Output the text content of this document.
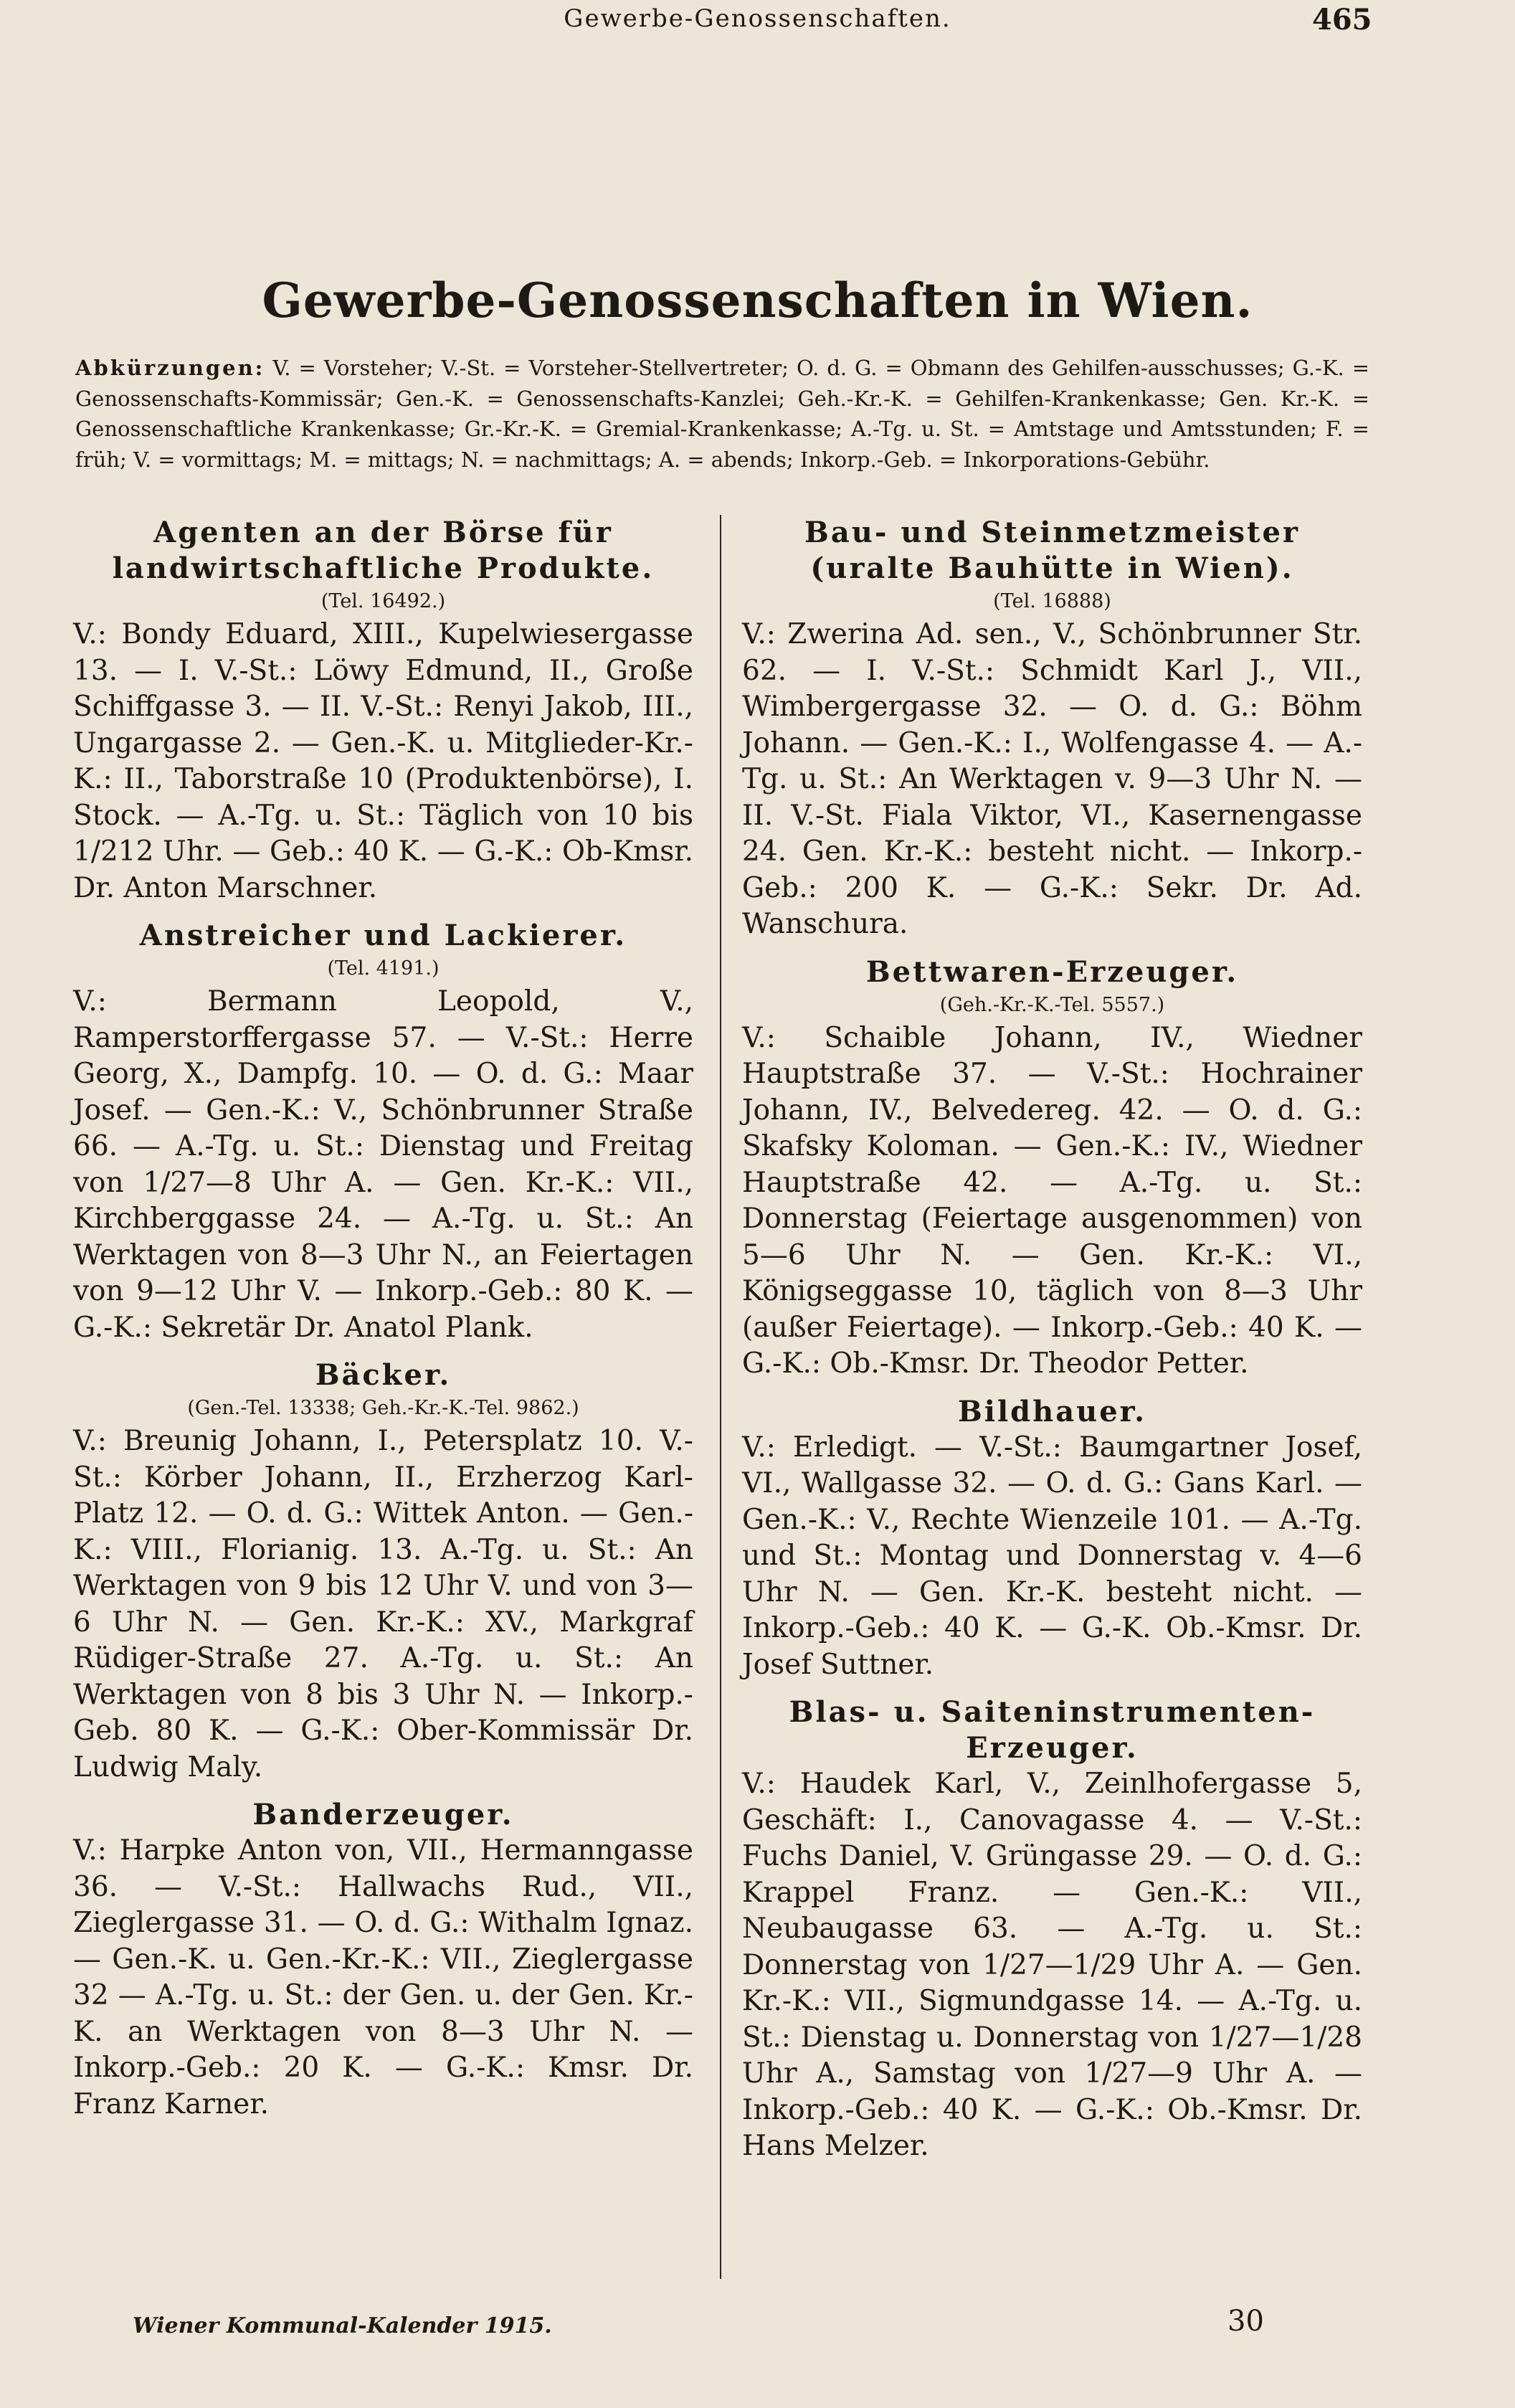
Gewerbe-Genossenschaften.	465
Gewerbe-Genossenschaften in Wien.

Abkürzungen: V. = Vorsteher; V.-St. = Vorsteher-Stellvertreter; O. d. G. = Obmann des Gehilfen-ausschusses; G.-K. = Genossenschafts-Kommissär; Gen.-K. = Genossenschafts-Kanzlei; Geh.-Kr.-K. = Gehilfen-Krankenkasse; Gen. Kr.-K. = Genossenschaftliche Krankenkasse; Gr.-Kr.-K. = Gremial-Krankenkasse; A.-Tg. u. St. = Amtstage und Amtsstunden; F. = früh; V. = vormittags; M. = mittags; N. = nachmittags; A. = abends; Inkorp.-Geb. = Inkorporations-Gebühr.

Agenten an der Börse für landwirtschaftliche Produkte.

(Tel. 16492.)

V.: Bondy Eduard, XIII., Kupelwiesergasse 13. — I. V.-St.: Löwy Edmund, II., Große Schiffgasse 3. — II. V.-St.: Renyi Jakob, III., Ungargasse 2. — Gen.-K. u. Mitglieder-Kr.-K.: II., Taborstraße 10 (Produktenbörse), I. Stock. — A.-Tg. u. St.: Täglich von 10 bis 1/212 Uhr. — Geb.: 40 K. — G.-K.: Ob-Kmsr. Dr. Anton Marschner.

Anstreicher und Lackierer.

(Tel. 4191.)

V.: Bermann Leopold, V., Ramperstorffergasse 57. — V.-St.: Herre Georg, X., Dampfg. 10. — O. d. G.: Maar Josef. — Gen.-K.: V., Schönbrunner Straße 66. — A.-Tg. u. St.: Dienstag und Freitag von 1/27—8 Uhr A. — Gen. Kr.-K.: VII., Kirchberggasse 24. — A.-Tg. u. St.: An Werktagen von 8—3 Uhr N., an Feiertagen von 9—12 Uhr V. — Inkorp.-Geb.: 80 K. — G.-K.: Sekretär Dr. Anatol Plank.

Bäcker.

(Gen.-Tel. 13338; Geh.-Kr.-K.-Tel. 9862.)

V.: Breunig Johann, I., Petersplatz 10. V.-St.: Körber Johann, II., Erzherzog Karl-Platz 12. — O. d. G.: Wittek Anton. — Gen.-K.: VIII., Florianig. 13. A.-Tg. u. St.: An Werktagen von 9 bis 12 Uhr V. und von 3—6 Uhr N. — Gen. Kr.-K.: XV., Markgraf Rüdiger-Straße 27. A.-Tg. u. St.: An Werktagen von 8 bis 3 Uhr N. — Inkorp.-Geb. 80 K. — G.-K.: Ober-Kommissär Dr. Ludwig Maly.

Banderzeuger.

V.: Harpke Anton von, VII., Hermanngasse 36. — V.-St.: Hallwachs Rud., VII., Zieglergasse 31. — O. d. G.: Withalm Ignaz. — Gen.-K. u. Gen.-Kr.-K.: VII., Zieglergasse 32 — A.-Tg. u. St.: der Gen. u. der Gen. Kr.-K. an Werktagen von 8—3 Uhr N. — Inkorp.-Geb.: 20 K. — G.-K.: Kmsr. Dr. Franz Karner.

Bau- und Steinmetzmeister (uralte Bauhütte in Wien).

(Tel. 16888)

V.: Zwerina Ad. sen., V., Schönbrunner Str. 62. — I. V.-St.: Schmidt Karl J., VII., Wimbergergasse 32. — O. d. G.: Böhm Johann. — Gen.-K.: I., Wolfengasse 4. — A.-Tg. u. St.: An Werktagen v. 9—3 Uhr N. — II. V.-St. Fiala Viktor, VI., Kasernengasse 24. Gen. Kr.-K.: besteht nicht. — Inkorp.-Geb.: 200 K. — G.-K.: Sekr. Dr. Ad. Wanschura.

Bettwaren-Erzeuger.

(Geh.-Kr.-K.-Tel. 5557.)

V.: Schaible Johann, IV., Wiedner Hauptstraße 37. — V.-St.: Hochrainer Johann, IV., Belvedereg. 42. — O. d. G.: Skafsky Koloman. — Gen.-K.: IV., Wiedner Hauptstraße 42. — A.-Tg. u. St.: Donnerstag (Feiertage ausgenommen) von 5—6 Uhr N. — Gen. Kr.-K.: VI., Königseggasse 10, täglich von 8—3 Uhr (außer Feiertage). — Inkorp.-Geb.: 40 K. — G.-K.: Ob.-Kmsr. Dr. Theodor Petter.

Bildhauer.

V.: Erledigt. — V.-St.: Baumgartner Josef, VI., Wallgasse 32. — O. d. G.: Gans Karl. — Gen.-K.: V., Rechte Wienzeile 101. — A.-Tg. und St.: Montag und Donnerstag v. 4—6 Uhr N. — Gen. Kr.-K. besteht nicht. — Inkorp.-Geb.: 40 K. — G.-K. Ob.-Kmsr. Dr. Josef Suttner.

Blas- u. Saiteninstrumenten-Erzeuger.

V.: Haudek Karl, V., Zeinlhofergasse 5, Geschäft: I., Canovagasse 4. — V.-St.: Fuchs Daniel, V. Grüngasse 29. — O. d. G.: Krappel Franz. — Gen.-K.: VII., Neubaugasse 63. — A.-Tg. u. St.: Donnerstag von 1/27—1/29 Uhr A. — Gen. Kr.-K.: VII., Sigmundgasse 14. — A.-Tg. u. St.: Dienstag u. Donnerstag von 1/27—1/28 Uhr A., Samstag von 1/27—9 Uhr A. — Inkorp.-Geb.: 40 K. — G.-K.: Ob.-Kmsr. Dr. Hans Melzer.

Wiener Kommunal-Kalender 1915.	30
